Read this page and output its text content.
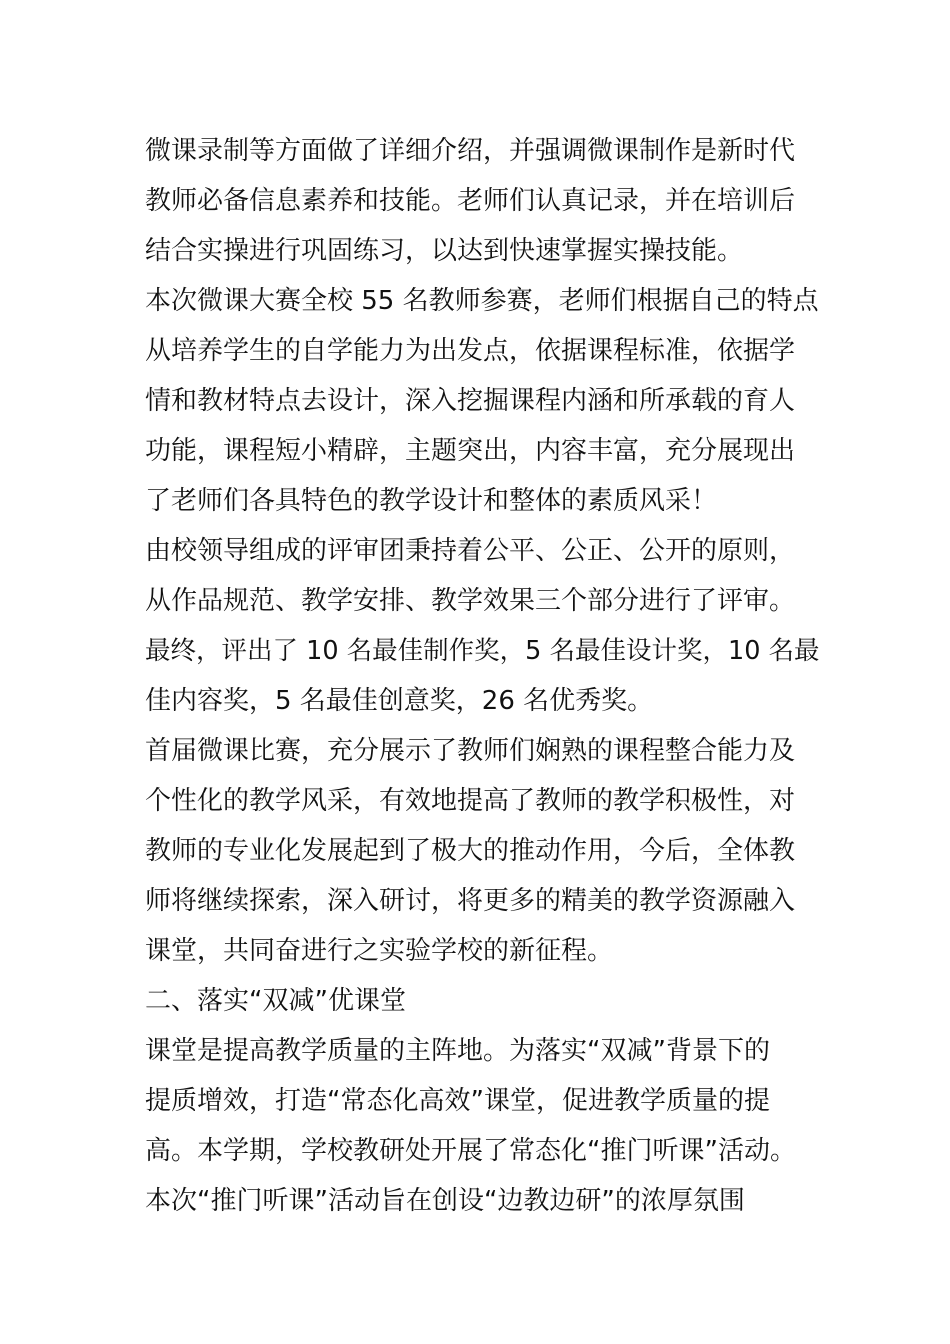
微课录制等方面做了详细介绍，并强调微课制作是新时代
教师必备信息素养和技能。老师们认真记录，并在培训后
结合实操进行巩固练习，以达到快速掌握实操技能。
本次微课大赛全校 55 名教师参赛，老师们根据自己的特点
从培养学生的自学能力为出发点，依据课程标准，依据学
情和教材特点去设计，深入挖掘课程内涵和所承载的育人
功能，课程短小精辟，主题突出，内容丰富，充分展现出
了老师们各具特色的教学设计和整体的素质风采！
由校领导组成的评审团秉持着公平、公正、公开的原则，
从作品规范、教学安排、教学效果三个部分进行了评审。
最终，评出了 10 名最佳制作奖，5 名最佳设计奖，10 名最
佳内容奖，5 名最佳创意奖，26 名优秀奖。
首届微课比赛，充分展示了教师们娴熟的课程整合能力及
个性化的教学风采，有效地提高了教师的教学积极性，对
教师的专业化发展起到了极大的推动作用，今后，全体教
师将继续探索，深入研讨，将更多的精美的教学资源融入
课堂，共同奋进行之实验学校的新征程。
二、落实“双减”优课堂
课堂是提高教学质量的主阵地。为落实“双减”背景下的
提质增效，打造“常态化高效”课堂，促进教学质量的提
高。本学期，学校教研处开展了常态化“推门听课”活动。
本次“推门听课”活动旨在创设“边教边研”的浓厚氛围
